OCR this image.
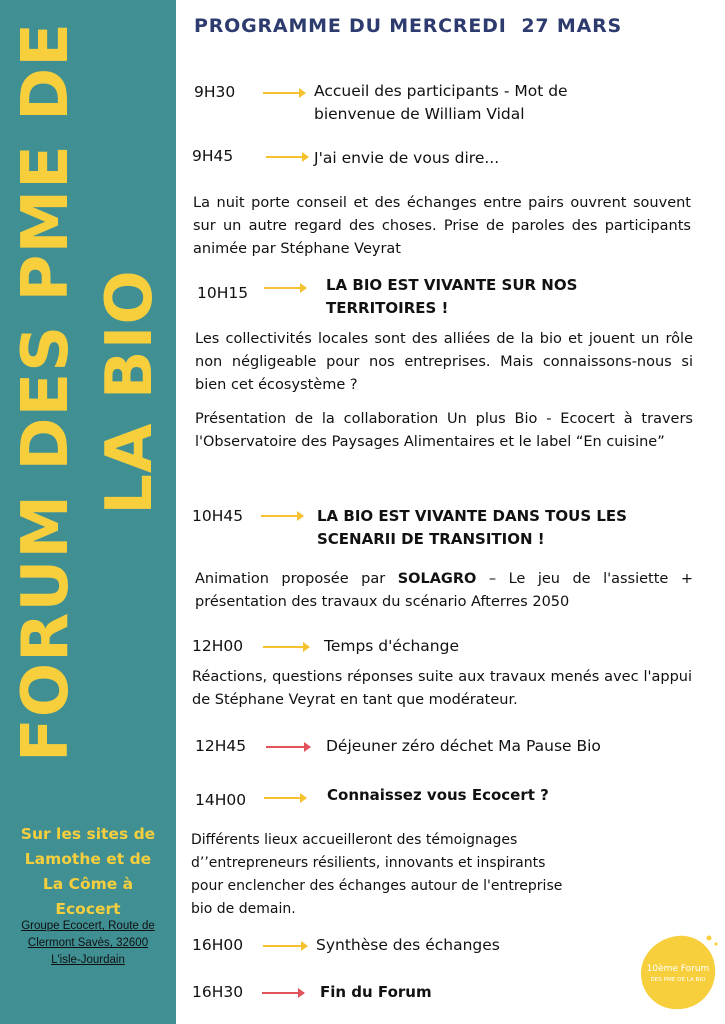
FORUM DES PME DE LA BIO
Sur les sites de
Lamothe et de
La Côme à
Ecocert
Groupe Ecocert, Route de
Clermont Savès, 32600
L'isle-Jourdain
PROGRAMME DU MERCREDI  27 MARS
9H30	Accueil des participants - Mot de
bienvenue de William Vidal
9H45	J'ai envie de vous dire...

La nuit porte conseil et des échanges entre pairs ouvrent souvent sur un autre regard des choses. Prise de paroles des participants animée par Stéphane Veyrat

10H15	LA BIO EST VIVANTE SUR NOS
TERRITOIRES !

Les collectivités locales sont des alliées de la bio et jouent un rôle non négligeable pour nos entreprises. Mais connaissons-nous si bien cet écosystème ?

Présentation de la collaboration Un plus Bio - Ecocert à travers l'Observatoire des Paysages Alimentaires et le label “En cuisine”

10H45	LA BIO EST VIVANTE DANS TOUS LES
SCENARII DE TRANSITION !

Animation proposée par SOLAGRO – Le jeu de l'assiette + présentation des travaux du scénario Afterres 2050

12H00	Temps d'échange

Réactions, questions réponses suite aux travaux menés avec l'appui de Stéphane Veyrat en tant que modérateur.

12H45	Déjeuner zéro déchet Ma Pause Bio
14H00	Connaissez vous Ecocert ?
Différents lieux accueilleront des témoignages
d’’entrepreneurs résilients, innovants et inspirants
pour enclencher des échanges autour de l'entreprise
bio de demain.
16H00	Synthèse des échanges
16H30	Fin du Forum
10ème Forum
DES PME DE LA BIO
